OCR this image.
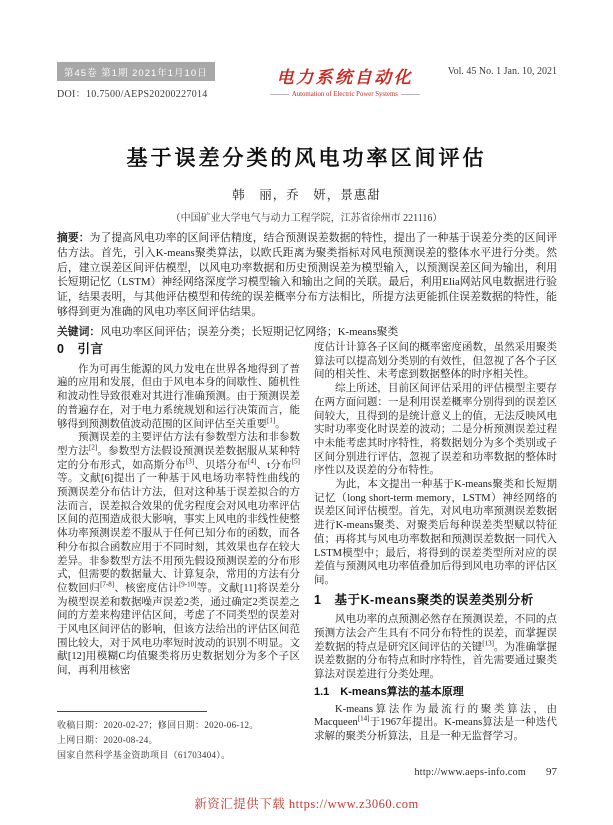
第45卷 第1期 2021年1月10日
DOI：10.7500/AEPS20200227014
电力系统自动化
Automation of Electric Power Systems
Vol. 45 No. 1 Jan. 10, 2021
基于误差分类的风电功率区间评估
韩　丽，乔　妍，景惠甜
（中国矿业大学电气与动力工程学院，江苏省徐州市 221116）
摘要：为了提高风电功率的区间评估精度，结合预测误差数据的特性，提出了一种基于误差分类的区间评估方法。首先，引入K-means聚类算法，以欧氏距离为聚类指标对风电预测误差的整体水平进行分类。然后，建立误差区间评估模型，以风电功率数据和历史预测误差为模型输入，以预测误差区间为输出，利用长短期记忆（LSTM）神经网络深度学习模型输入和输出之间的关联。最后，利用Elia网站风电数据进行验证，结果表明，与其他评估模型和传统的误差概率分布方法相比，所提方法更能抓住误差数据的特性，能够得到更为准确的风电功率区间评估结果。
关键词：风电功率区间评估；误差分类；长短期记忆网络；K-means聚类
0　引言

作为可再生能源的风力发电在世界各地得到了普遍的应用和发展，但由于风电本身的间歇性、随机性和波动性导致很难对其进行准确预测。由于预测误差的普遍存在，对于电力系统规划和运行决策而言，能够得到预测数值波动范围的区间评估至关重要[1]。

预测误差的主要评估方法有参数型方法和非参数型方法[2]。参数型方法假设预测误差数据服从某种特定的分布形式，如高斯分布[3]、贝塔分布[4]、t分布[5]等。文献[6]提出了一种基于风电场功率特性曲线的预测误差分布估计方法，但对这种基于误差拟合的方法而言，误差拟合效果的优劣程度会对风电功率评估区间的范围造成很大影响，事实上风电的非线性使整体功率预测误差不服从于任何已知分布的函数，而各种分布拟合函数应用于不同时刻，其效果也存在较大差异。非参数型方法不用预先假设预测误差的分布形式，但需要的数据量大、计算复杂，常用的方法有分位数回归[7-8]、核密度估计[9-10]等。文献[11]将误差分为模型误差和数据噪声误差2类，通过确定2类误差之间的方差来构建评估区间，考虑了不同类型的误差对于风电区间评估的影响，但该方法给出的评估区间范围比较大，对于风电功率短时波动的识别不明显。文献[12]用模糊C均值聚类将历史数据划分为多个子区间，再利用核密

度估计计算各子区间的概率密度函数，虽然采用聚类算法可以提高划分类别的有效性，但忽视了各个子区间的相关性、未考虑到数据整体的时序相关性。

综上所述，目前区间评估采用的评估模型主要存在两方面问题：一是利用误差概率分别得到的误差区间较大，且得到的是统计意义上的值，无法反映风电实时功率变化时误差的波动；二是分析预测误差过程中未能考虑其时序特性，将数据划分为多个类别或子区间分别进行评估，忽视了误差和功率数据的整体时序性以及误差的分布特性。

为此，本文提出一种基于K-means聚类和长短期记忆（long short-term memory，LSTM）神经网络的误差区间评估模型。首先，对风电功率预测误差数据进行K-means聚类、对聚类后每种误差类型赋以特征值；再将其与风电功率数据和预测误差数据一同代入LSTM模型中；最后，将得到的误差类型所对应的误差值与预测风电功率值叠加后得到风电功率的评估区间。

1　基于K-means聚类的误差类别分析

风电功率的点预测必然存在预测误差，不同的点预测方法会产生具有不同分布特性的误差，而掌握误差数据的特点是研究区间评估的关键[13]。为准确掌握误差数据的分布特点和时序特性，首先需要通过聚类算法对误差进行分类处理。

1.1　K-means算法的基本原理

K-means算法作为最流行的聚类算法，由Macqueen[14]于1967年提出。K-means算法是一种迭代求解的聚类分析算法，且是一种无监督学习。

收稿日期：2020-02-27；修回日期：2020-06-12。
上网日期：2020-08-24。
国家自然科学基金资助项目（61703404）。
http://www.aeps-info.com 97
新资汇提供下载 https://www.z3060.com
